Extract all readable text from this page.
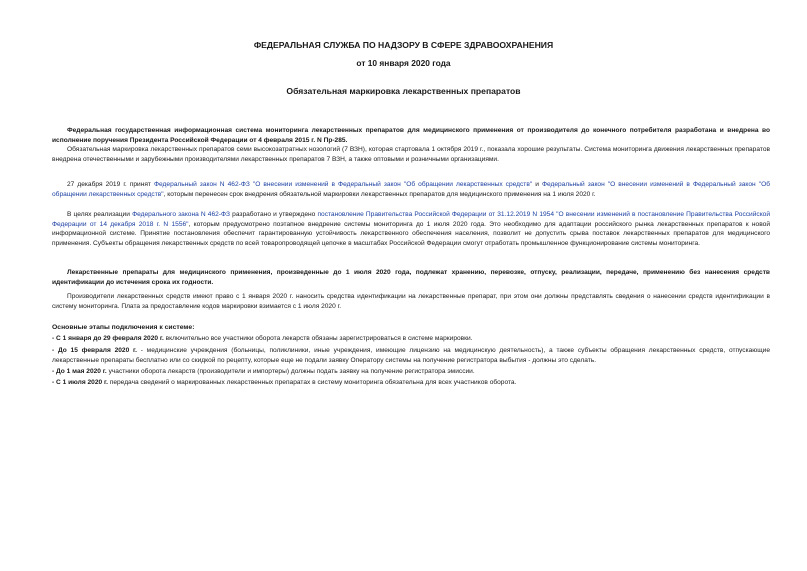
ФЕДЕРАЛЬНАЯ СЛУЖБА ПО НАДЗОРУ В СФЕРЕ ЗДРАВООХРАНЕНИЯ
от 10 января 2020 года
Обязательная маркировка лекарственных препаратов
Федеральная государственная информационная система мониторинга лекарственных препаратов для медицинского применения от производителя до конечного потребителя разработана и внедрена во исполнение поручения Президента Российской Федерации от 4 февраля 2015 г. N Пр-285.
Обязательная маркировка лекарственных препаратов семи высокозатратных нозологий (7 ВЗН), которая стартовала 1 октября 2019 г., показала хорошие результаты. Система мониторинга движения лекарственных препаратов внедрена отечественными и зарубежными производителями лекарственных препаратов 7 ВЗН, а также оптовыми и розничными организациями.
27 декабря 2019 г. принят Федеральный закон N 462-ФЗ "О внесении изменений в Федеральный закон "Об обращении лекарственных средств" и Федеральный закон "О внесении изменений в Федеральный закон "Об обращении лекарственных средств", которым перенесен срок внедрения обязательной маркировки лекарственных препаратов для медицинского применения на 1 июля 2020 г.
В целях реализации Федерального закона N 462-ФЗ разработано и утверждено постановление Правительства Российской Федерации от 31.12.2019 N 1954 "О внесении изменений в постановление Правительства Российской Федерации от 14 декабря 2018 г. N 1556", которым предусмотрено поэтапное внедрение системы мониторинга до 1 июля 2020 года. Это необходимо для адаптации российского рынка лекарственных препаратов к новой информационной системе. Принятие постановления обеспечит гарантированную устойчивость лекарственного обеспечения населения, позволит не допустить срыва поставок лекарственных препаратов для медицинского применения. Субъекты обращения лекарственных средств по всей товаропроводящей цепочке в масштабах Российской Федерации смогут отработать промышленное функционирование системы мониторинга.
Лекарственные препараты для медицинского применения, произведенные до 1 июля 2020 года, подлежат хранению, перевозке, отпуску, реализации, передаче, применению без нанесения средств идентификации до истечения срока их годности.
Производители лекарственных средств имеют право с 1 января 2020 г. наносить средства идентификации на лекарственные препарат, при этом они должны представлять сведения о нанесении средств идентификации в систему мониторинга. Плата за предоставление кодов маркировки взимается с 1 июля 2020 г.
Основные этапы подключения к системе:
- С 1 января до 29 февраля 2020 г. включительно все участники оборота лекарств обязаны зарегистрироваться в системе маркировки.
- До 15 февраля 2020 г. - медицинские учреждения (больницы, поликлиники, иные учреждения, имеющие лицензию на медицинскую деятельность), а также субъекты обращения лекарственных средств, отпускающие лекарственные препараты бесплатно или со скидкой по рецепту, которые еще не подали заявку Оператору системы на получение регистратора выбытия - должны это сделать.
- До 1 мая 2020 г. участники оборота лекарств (производители и импортеры) должны подать заявку на получение регистратора эмиссии.
- С 1 июля 2020 г. передача сведений о маркированных лекарственных препаратах в систему мониторинга обязательна для всех участников оборота.
